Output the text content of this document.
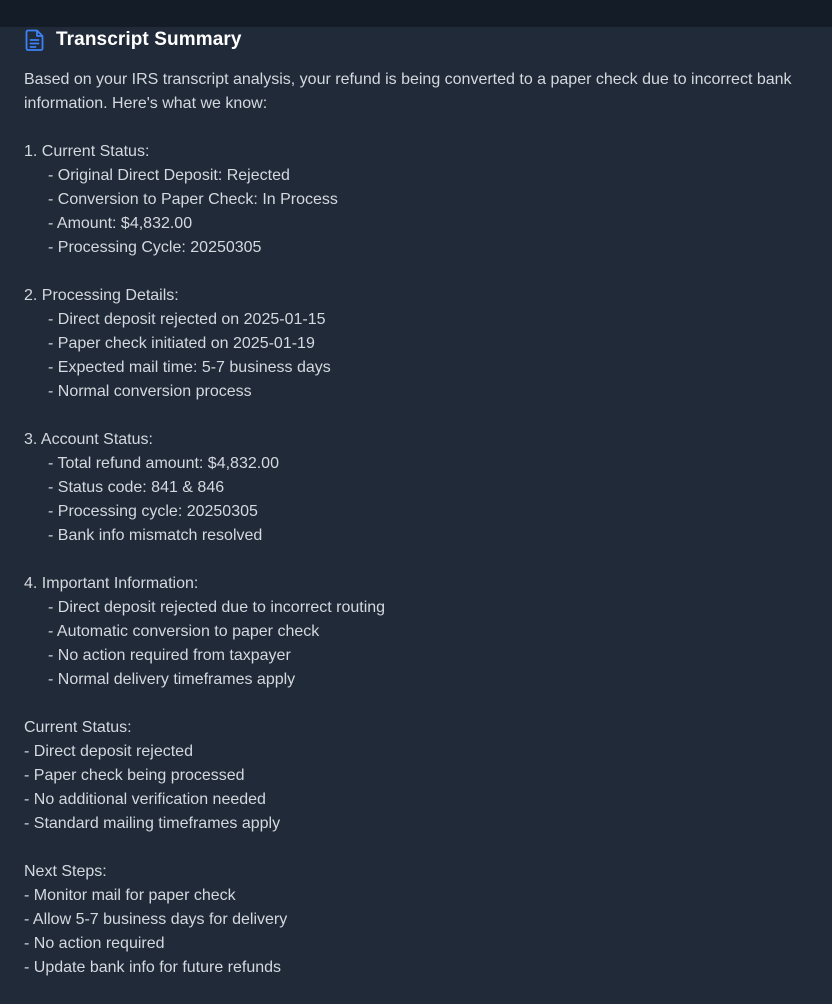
Transcript Summary

Based on your IRS transcript analysis, your refund is being converted to a paper check due to incorrect bank information. Here's what we know:

1. Current Status:

- Original Direct Deposit: Rejected

- Conversion to Paper Check: In Process

- Amount: $4,832.00

- Processing Cycle: 20250305

2. Processing Details:

- Direct deposit rejected on 2025-01-15

- Paper check initiated on 2025-01-19

- Expected mail time: 5-7 business days

- Normal conversion process

3. Account Status:

- Total refund amount: $4,832.00

- Status code: 841 & 846

- Processing cycle: 20250305

- Bank info mismatch resolved

4. Important Information:

- Direct deposit rejected due to incorrect routing

- Automatic conversion to paper check

- No action required from taxpayer

- Normal delivery timeframes apply

Current Status:

- Direct deposit rejected

- Paper check being processed

- No additional verification needed

- Standard mailing timeframes apply

Next Steps:

- Monitor mail for paper check

- Allow 5-7 business days for delivery

- No action required

- Update bank info for future refunds
